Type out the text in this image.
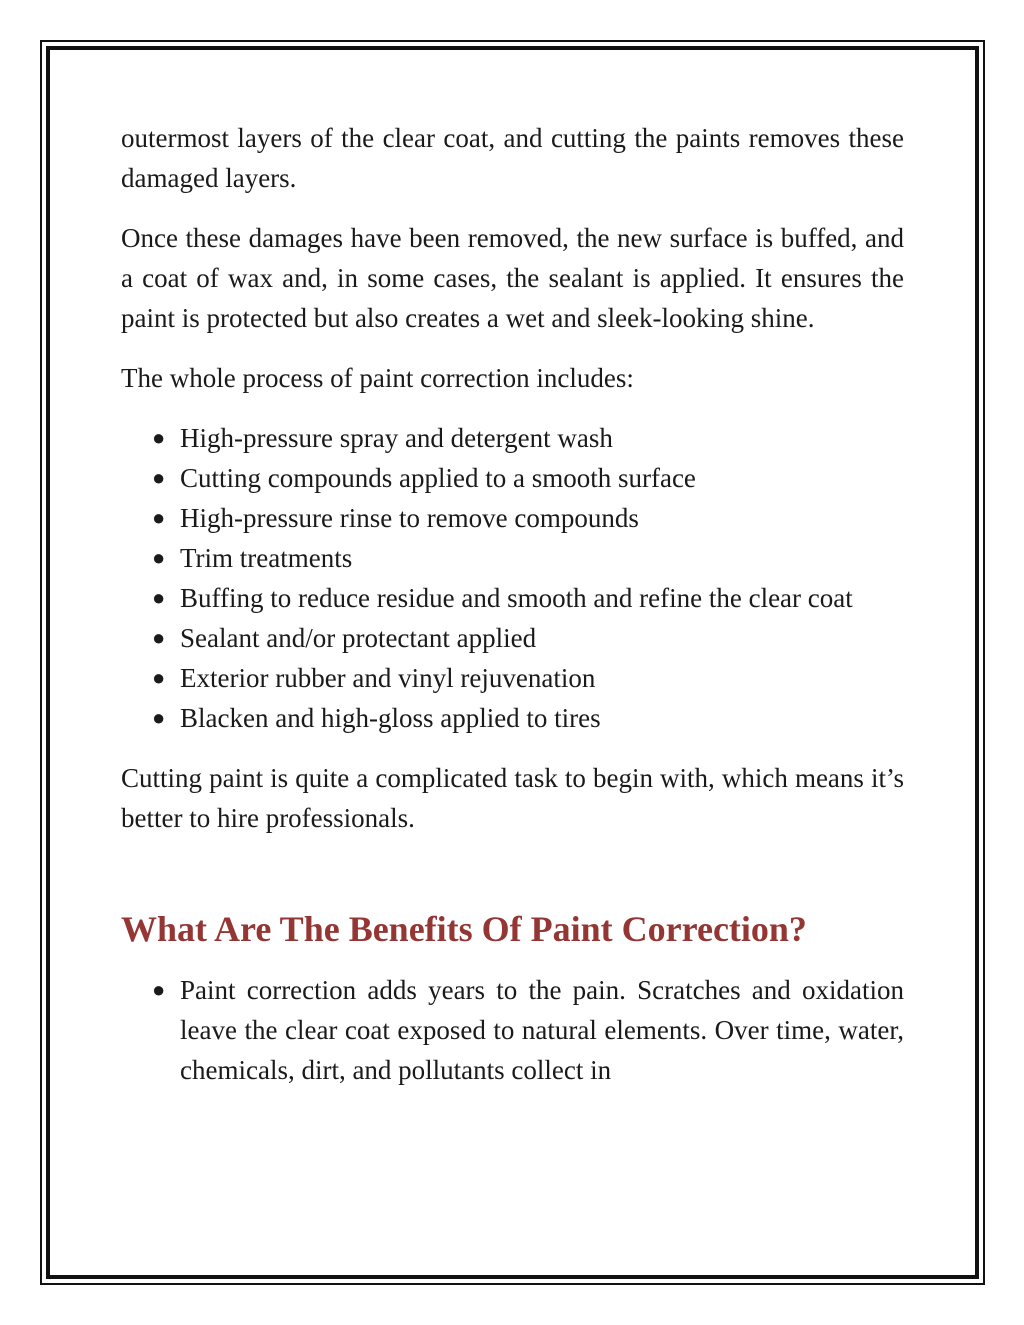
outermost layers of the clear coat, and cutting the paints removes these damaged layers.

Once these damages have been removed, the new surface is buffed, and a coat of wax and, in some cases, the sealant is applied. It ensures the paint is protected but also creates a wet and sleek-looking shine.

The whole process of paint correction includes:

● High-pressure spray and detergent wash
● Cutting compounds applied to a smooth surface
● High-pressure rinse to remove compounds
● Trim treatments
● Buffing to reduce residue and smooth and refine the clear coat
● Sealant and/or protectant applied
● Exterior rubber and vinyl rejuvenation
● Blacken and high-gloss applied to tires

Cutting paint is quite a complicated task to begin with, which means it’s better to hire professionals.

What Are The Benefits Of Paint Correction?
● Paint correction adds years to the pain. Scratches and oxidation leave the clear coat exposed to natural elements. Over time, water, chemicals, dirt, and pollutants collect in
